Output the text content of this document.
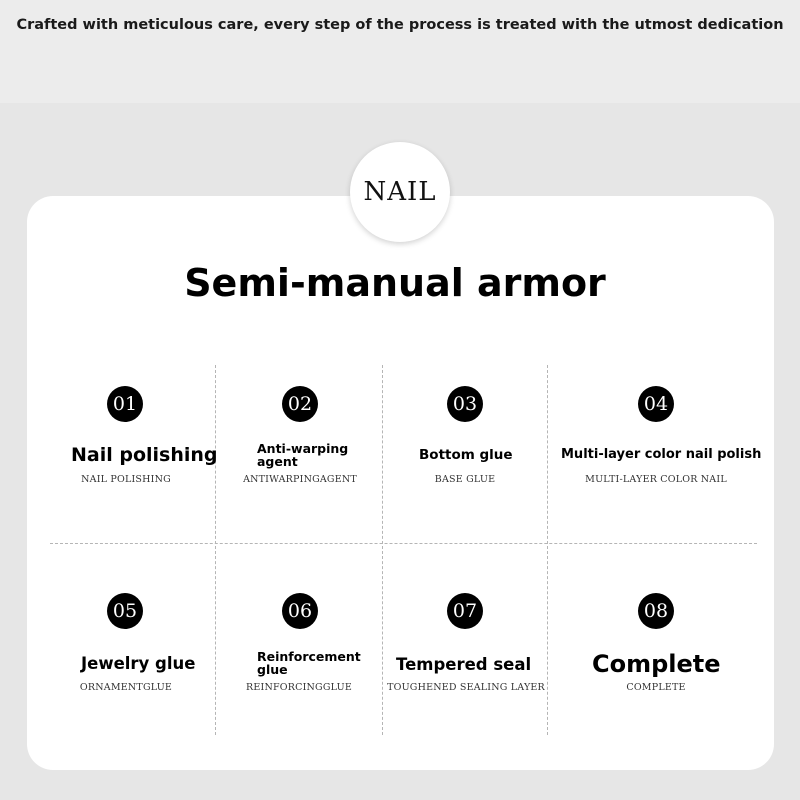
Crafted with meticulous care, every step of the process is treated with the utmost dedication
NAIL
Semi-manual armor
01
Nail polishing
NAIL POLISHING
02
Anti-warping agent
ANTIWARPINGAGENT
03
Bottom glue
BASE GLUE
04
Multi-layer color nail polish
MULTI-LAYER COLOR NAIL
05
Jewelry glue
ORNAMENTGLUE
06
Reinforcement glue
REINFORCINGGLUE
07
Tempered seal
TOUGHENED SEALING LAYER
08
Complete
COMPLETE
